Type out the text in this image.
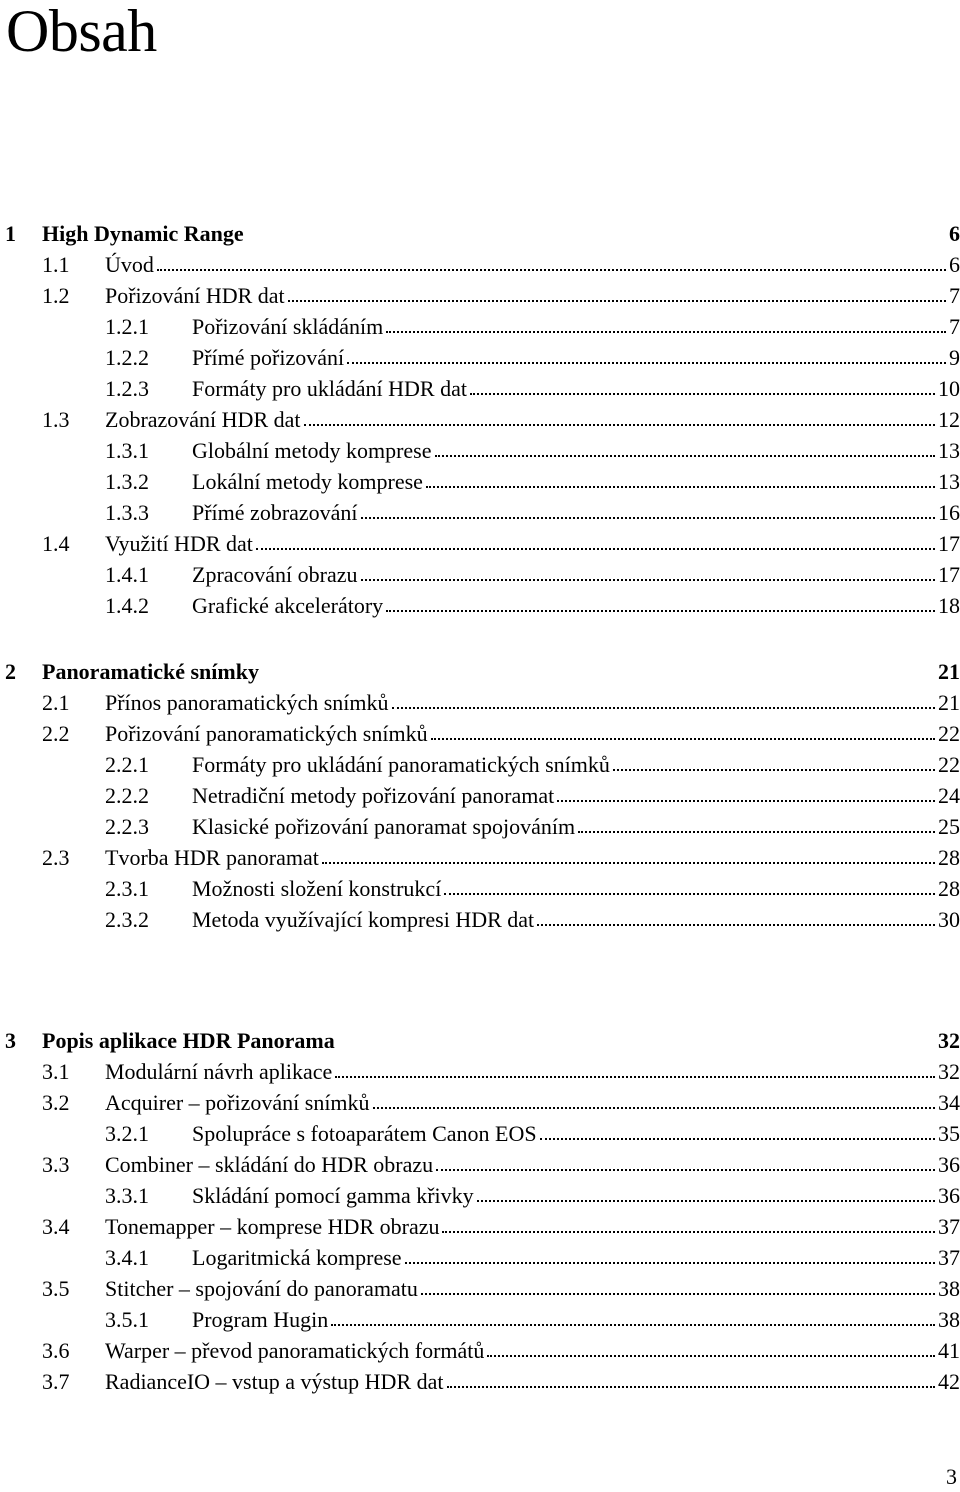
Obsah
1 High Dynamic Range	6
1.1 Úvod	6
1.2 Pořizování HDR dat	7
1.2.1 Pořizování skládáním	7
1.2.2 Přímé pořizování	9
1.2.3 Formáty pro ukládání HDR dat	10
1.3 Zobrazování HDR dat	12
1.3.1 Globální metody komprese	13
1.3.2 Lokální metody komprese	13
1.3.3 Přímé zobrazování	16
1.4 Využití HDR dat	17
1.4.1 Zpracování obrazu	17
1.4.2 Grafické akcelerátory	18
2 Panoramatické snímky	21
2.1 Přínos panoramatických snímků	21
2.2 Pořizování panoramatických snímků	22
2.2.1 Formáty pro ukládání panoramatických snímků	22
2.2.2 Netradiční metody pořizování panoramat	24
2.2.3 Klasické pořizování panoramat spojováním	25
2.3 Tvorba HDR panoramat	28
2.3.1 Možnosti složení konstrukcí	28
2.3.2 Metoda využívající kompresi HDR dat	30
3 Popis aplikace HDR Panorama	32
3.1 Modulární návrh aplikace	32
3.2 Acquirer – pořizování snímků	34
3.2.1 Spolupráce s fotoaparátem Canon EOS	35
3.3 Combiner – skládání do HDR obrazu	36
3.3.1 Skládání pomocí gamma křivky	36
3.4 Tonemapper – komprese HDR obrazu	37
3.4.1 Logaritmická komprese	37
3.5 Stitcher – spojování do panoramatu	38
3.5.1 Program Hugin	38
3.6 Warper – převod panoramatických formátů	41
3.7 RadianceIO – vstup a výstup HDR dat	42
3
